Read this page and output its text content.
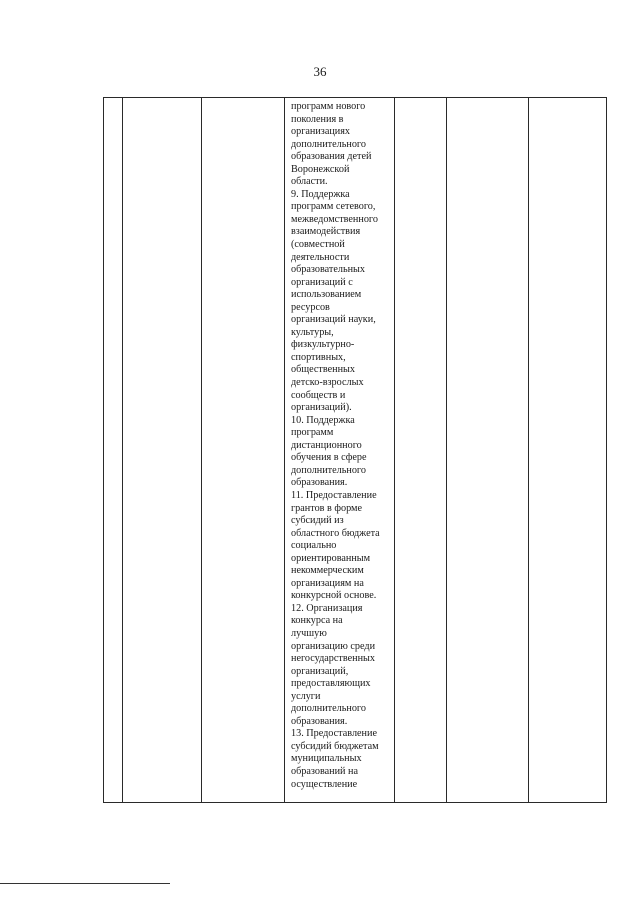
36
программ нового
поколения в
организациях
дополнительного
образования детей
Воронежской
области.
9. Поддержка
программ сетевого,
межведомственного
взаимодействия
(совместной
деятельности
образовательных
организаций с
использованием
ресурсов
организаций науки,
культуры,
физкультурно-
спортивных,
общественных
детско-взрослых
сообществ и
организаций).
10. Поддержка
программ
дистанционного
обучения в сфере
дополнительного
образования.
11. Предоставление
грантов в форме
субсидий из
областного бюджета
социально
ориентированным
некоммерческим
организациям на
конкурсной основе.
12. Организация
конкурса на
лучшую
организацию среди
негосударственных
организаций,
предоставляющих
услуги
дополнительного
образования.
13. Предоставление
субсидий бюджетам
муниципальных
образований на
осуществление
